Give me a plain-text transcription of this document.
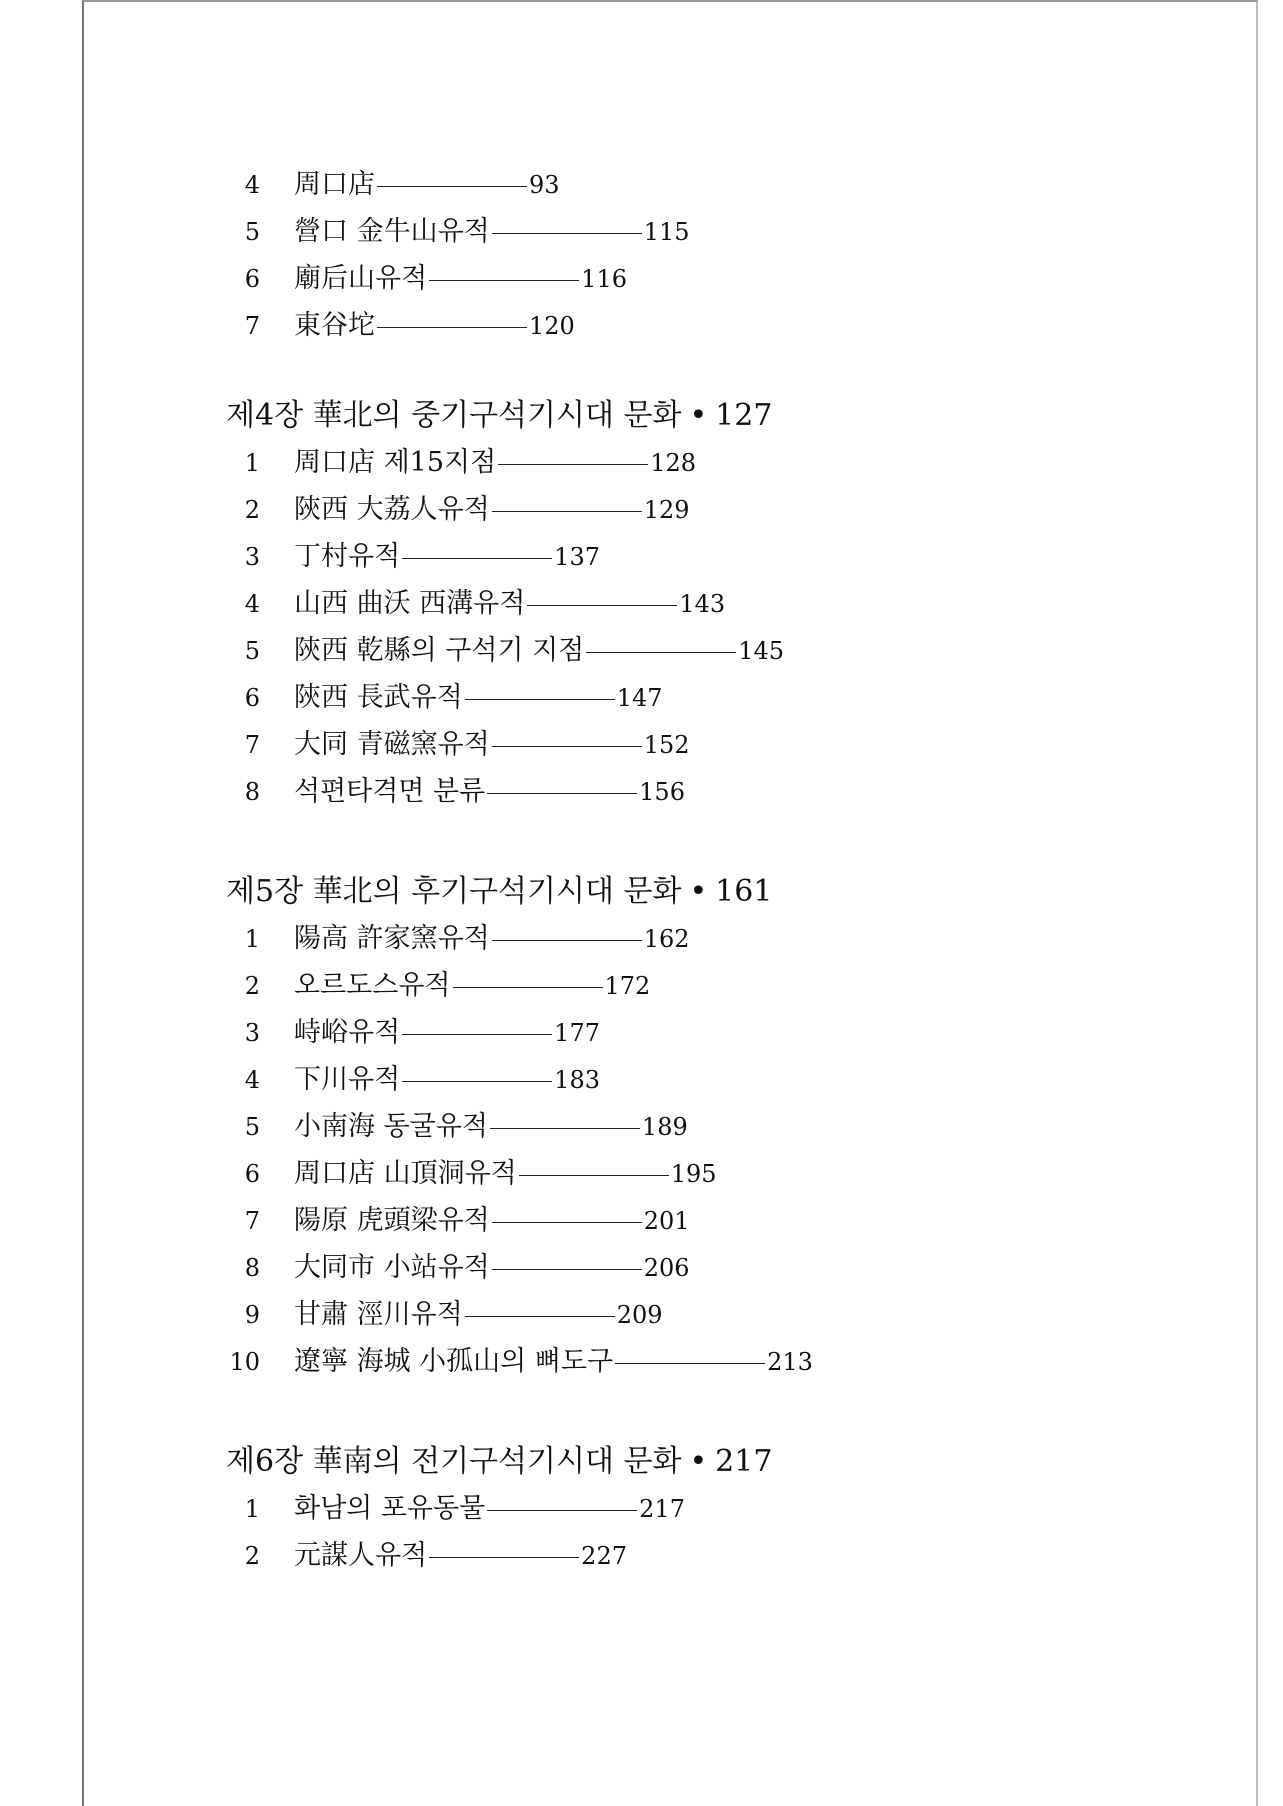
4 周口店	93
5 營口 金牛山유적	115
6 廟后山유적	116
7 東谷坨	120
제4장 華北의 중기구석기시대 문화 • 127
1 周口店 제15지점	128
2 陝西 大荔人유적	129
3 丁村유적	137
4 山西 曲沃 西溝유적	143
5 陝西 乾縣의 구석기 지점	145
6 陝西 長武유적	147
7 大同 青磁窯유적	152
8 석편타격면 분류	156
제5장 華北의 후기구석기시대 문화 • 161
1 陽高 許家窯유적	162
2 오르도스유적	172
3 峙峪유적	177
4 下川유적	183
5 小南海 동굴유적	189
6 周口店 山頂洞유적	195
7 陽原 虎頭梁유적	201
8 大同市 小站유적	206
9 甘肅 涇川유적	209
10 遼寧 海城 小孤山의 뼈도구	213
제6장 華南의 전기구석기시대 문화 • 217
1 화남의 포유동물	217
2 元謀人유적	227
